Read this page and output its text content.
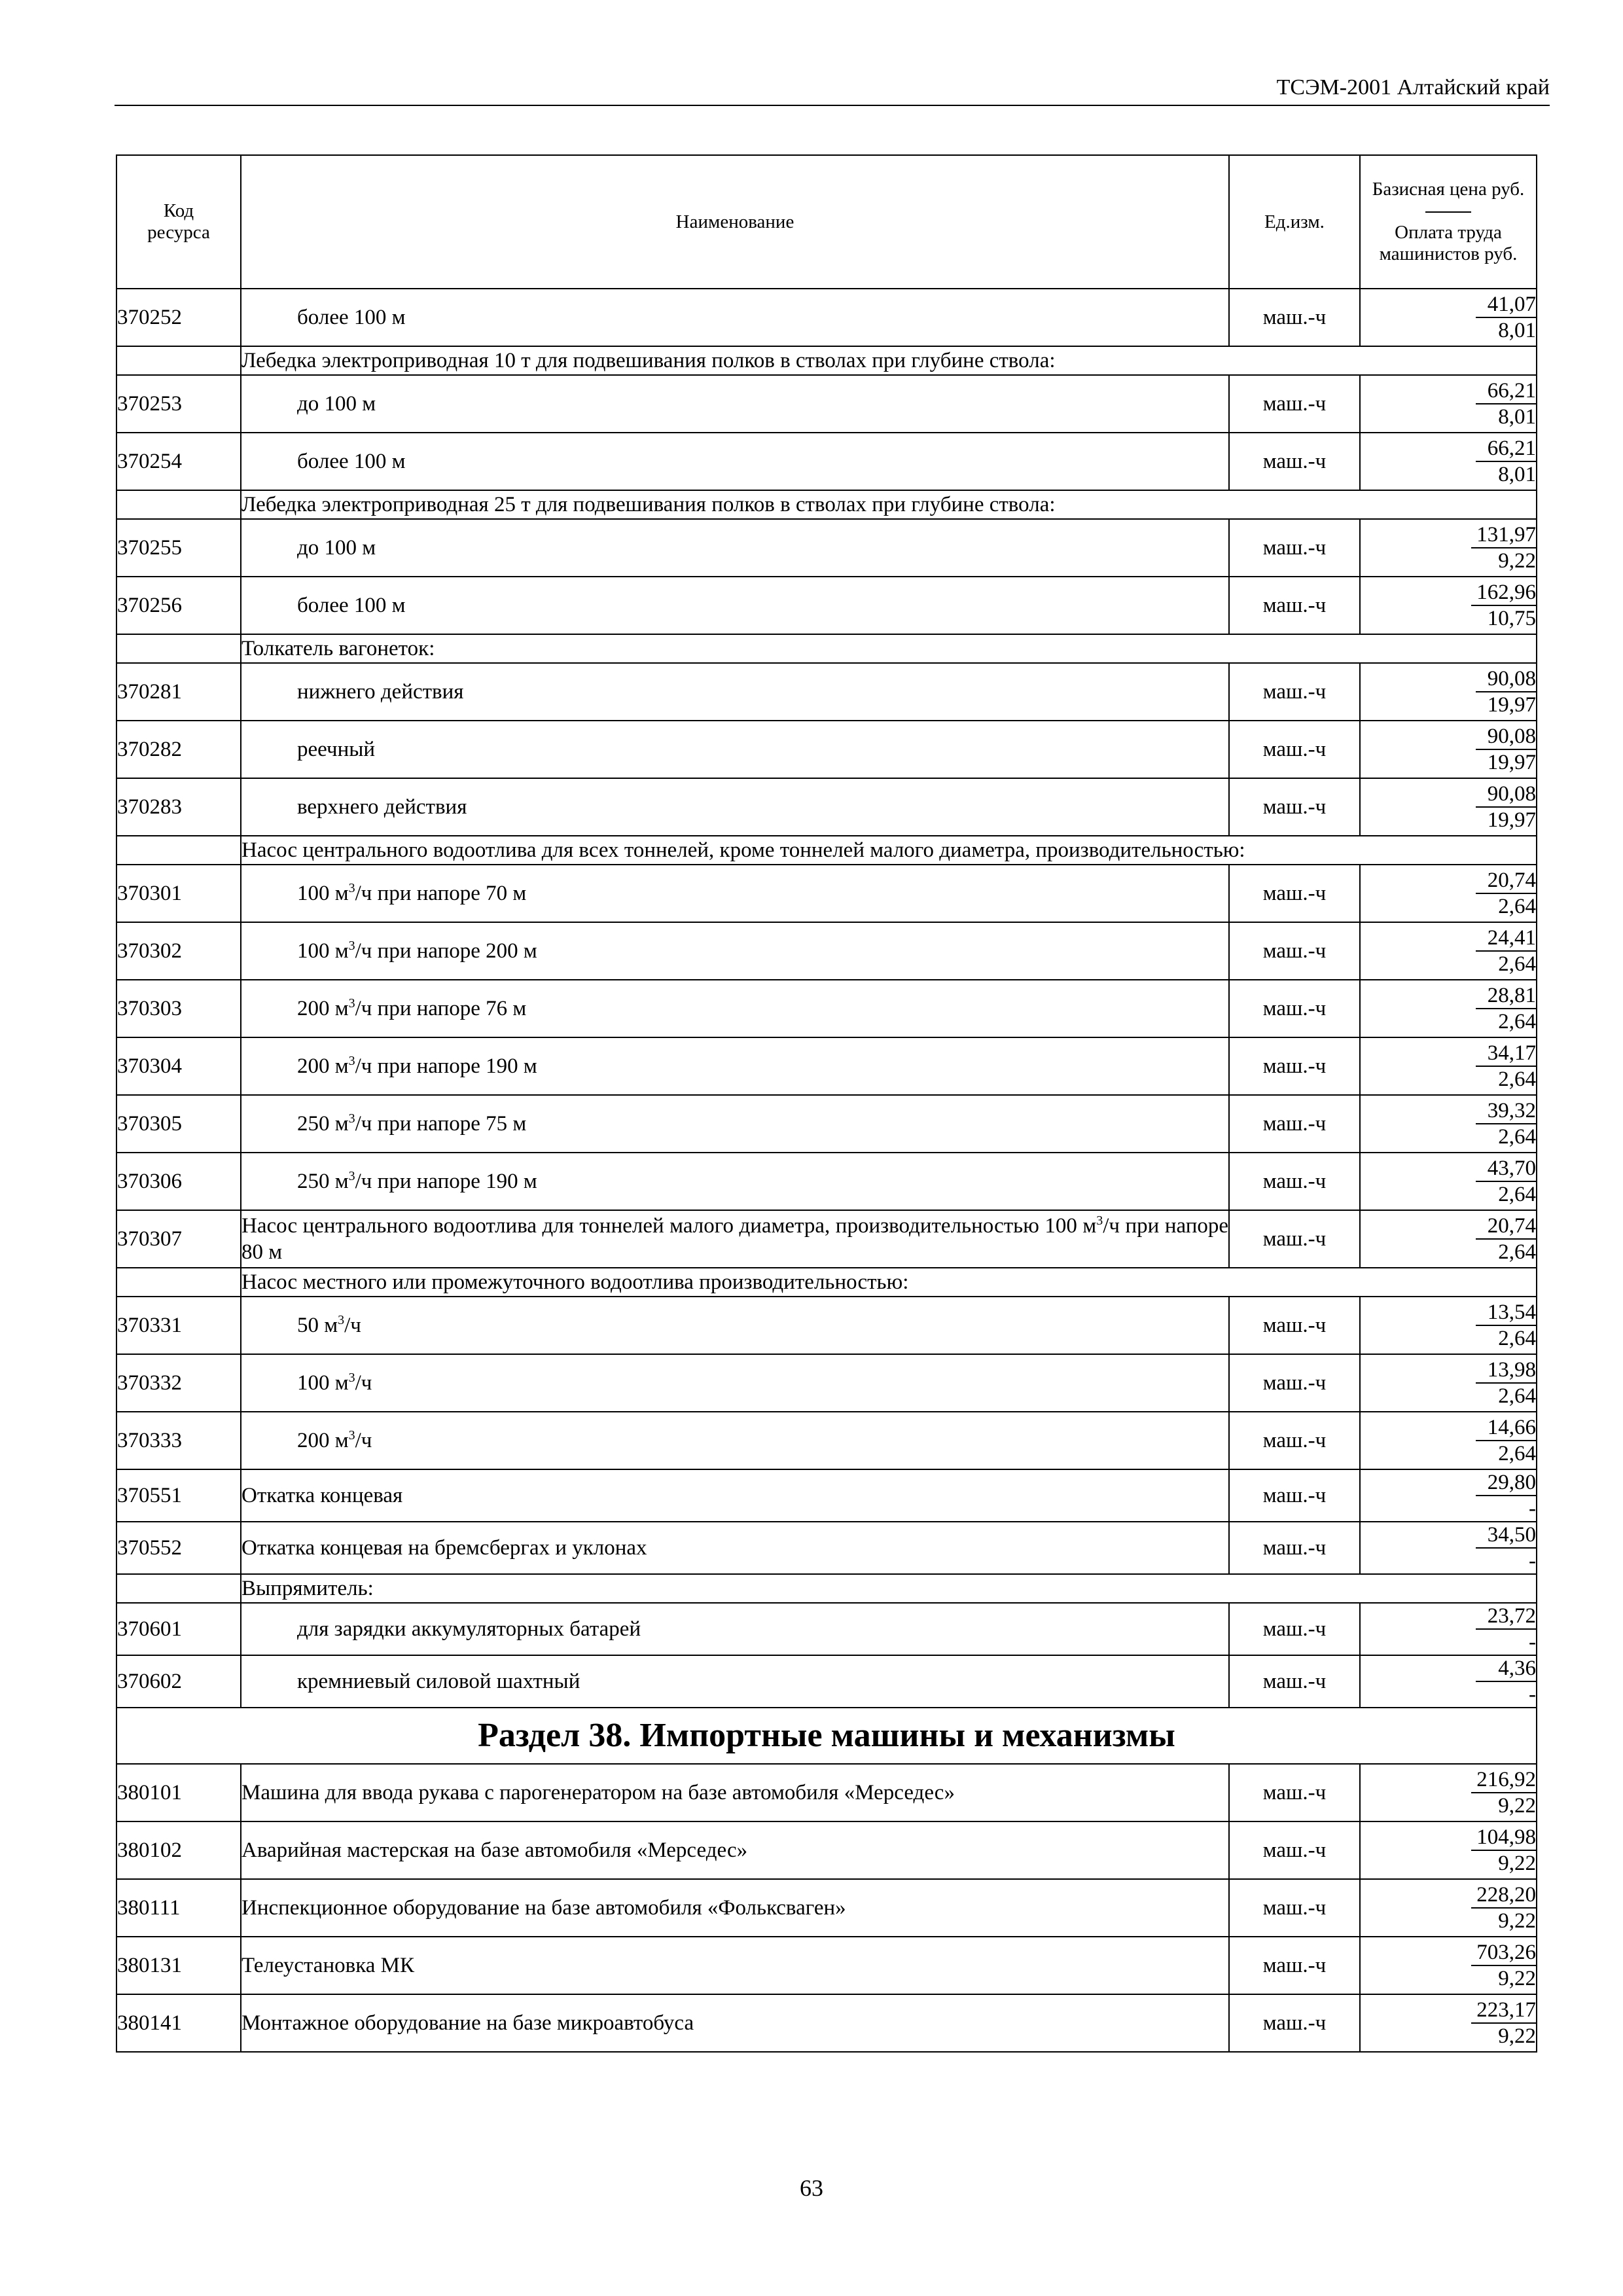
ТСЭМ-2001 Алтайский край
Код ресурса	Наименование	Ед.изм.	Базисная цена руб.
Оплата труда машинистов руб.

370252	более 100 м	маш.-ч	41,07
8,01

	Лебедка электроприводная 10 т для подвешивания полков в стволах при глубине ствола:		
370253	до 100 м	маш.-ч	66,21
8,01

370254	более 100 м	маш.-ч	66,21
8,01

	Лебедка электроприводная 25 т для подвешивания полков в стволах при глубине ствола:		
370255	до 100 м	маш.-ч	131,97
9,22

370256	более 100 м	маш.-ч	162,96
10,75

	Толкатель вагонеток:		
370281	нижнего действия	маш.-ч	90,08
19,97

370282	реечный	маш.-ч	90,08
19,97

370283	верхнего действия	маш.-ч	90,08
19,97

	Насос центрального водоотлива для всех тоннелей, кроме тоннелей малого диаметра, производительностью:		
370301	100 $м^3/ч$ при напоре 70 м	маш.-ч	20,74
2,64

370302	100 $м^3/ч$ при напоре 200 м	маш.-ч	24,41
2,64

370303	200 $м^3/ч$ при напоре 76 м	маш.-ч	28,81
2,64

370304	200 $м^3/ч$ при напоре 190 м	маш.-ч	34,17
2,64

370305	250 $м^3/ч$ при напоре 75 м	маш.-ч	39,32
2,64

370306	250 $м^3/ч$ при напоре 190 м	маш.-ч	43,70
2,64

370307	Насос центрального водоотлива для тоннелей малого диаметра, производительностью 100 $м^3/ч$ при напоре 80 м	маш.-ч	20,74
2,64

	Насос местного или промежуточного водоотлива производительностью:		
370331	50 $м^3/ч$	маш.-ч	13,54
2,64

370332	100 $м^3/ч$	маш.-ч	13,98
2,64

370333	200 $м^3/ч$	маш.-ч	14,66
2,64

370551	Откатка концевая	маш.-ч	29,80
-

370552	Откатка концевая на бремсбергах и уклонах	маш.-ч	34,50
-

	Выпрямитель:		
370601	для зарядки аккумуляторных батарей	маш.-ч	23,72
-

370602	кремниевый силовой шахтный	маш.-ч	4,36
-

Раздел 38. Импортные машины и механизмы			
380101	Машина для ввода рукава с парогенератором на базе автомобиля «Мерседес»	маш.-ч	216,92
9,22

380102	Аварийная мастерская на базе автомобиля «Мерседес»	маш.-ч	104,98
9,22

380111	Инспекционное оборудование на базе автомобиля «Фольксваген»	маш.-ч	228,20
9,22

380131	Телеустановка МК	маш.-ч	703,26
9,22

380141	Монтажное оборудование на базе микроавтобуса	маш.-ч	223,17
9,22
63
